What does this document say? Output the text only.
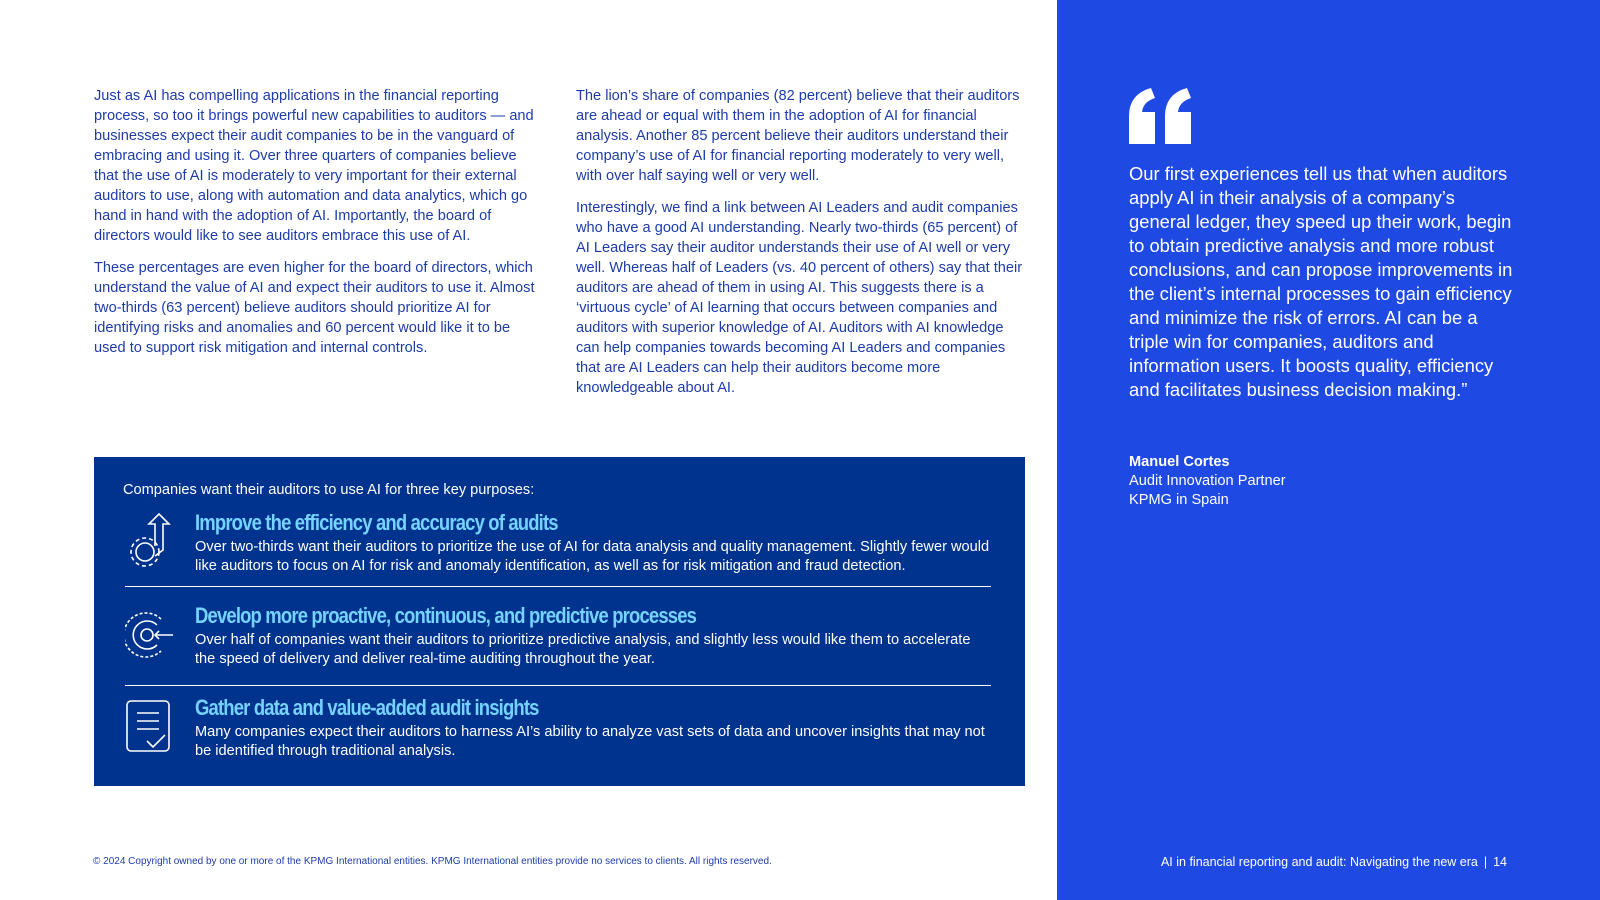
Just as AI has compelling applications in the financial reporting process, so too it brings powerful new capabilities to auditors — and businesses expect their audit companies to be in the vanguard of embracing and using it. Over three quarters of companies believe that the use of AI is moderately to very important for their external auditors to use, along with automation and data analytics, which go hand in hand with the adoption of AI. Importantly, the board of directors would like to see auditors embrace this use of AI.

These percentages are even higher for the board of directors, which understand the value of AI and expect their auditors to use it. Almost two-thirds (63 percent) believe auditors should prioritize AI for identifying risks and anomalies and 60 percent would like it to be used to support risk mitigation and internal controls.

The lion’s share of companies (82 percent) believe that their auditors are ahead or equal with them in the adoption of AI for financial analysis. Another 85 percent believe their auditors understand their company’s use of AI for financial reporting moderately to very well, with over half saying well or very well.

Interestingly, we find a link between AI Leaders and audit companies who have a good AI understanding. Nearly two-thirds (65 percent) of AI Leaders say their auditor understands their use of AI well or very well. Whereas half of Leaders (vs. 40 percent of others) say that their auditors are ahead of them in using AI. This suggests there is a ‘virtuous cycle’ of AI learning that occurs between companies and auditors with superior knowledge of AI. Auditors with AI knowledge can help companies towards becoming AI Leaders and companies that are AI Leaders can help their auditors become more knowledgeable about AI.

Companies want their auditors to use AI for three key purposes:
Improve the efficiency and accuracy of audits
Over two-thirds want their auditors to prioritize the use of AI for data analysis and quality management. Slightly fewer would like auditors to focus on AI for risk and anomaly identification, as well as for risk mitigation and fraud detection.
Develop more proactive, continuous, and predictive processes
Over half of companies want their auditors to prioritize predictive analysis, and slightly less would like them to accelerate the speed of delivery and deliver real-time auditing throughout the year.
Gather data and value-added audit insights
Many companies expect their auditors to harness AI’s ability to analyze vast sets of data and uncover insights that may not be identified through traditional analysis.
© 2024 Copyright owned by one or more of the KPMG International entities. KPMG International entities provide no services to clients. All rights reserved.

Our first experiences tell us that when auditors apply AI in their analysis of a company’s general ledger, they speed up their work, begin to obtain predictive analysis and more robust conclusions, and can propose improvements in the client’s internal processes to gain efficiency and minimize the risk of errors. AI can be a triple win for companies, auditors and information users. It boosts quality, efficiency and facilitates business decision making.”

Manuel Cortes
Audit Innovation Partner
KPMG in Spain
AI in financial reporting and audit: Navigating the new era | 14
